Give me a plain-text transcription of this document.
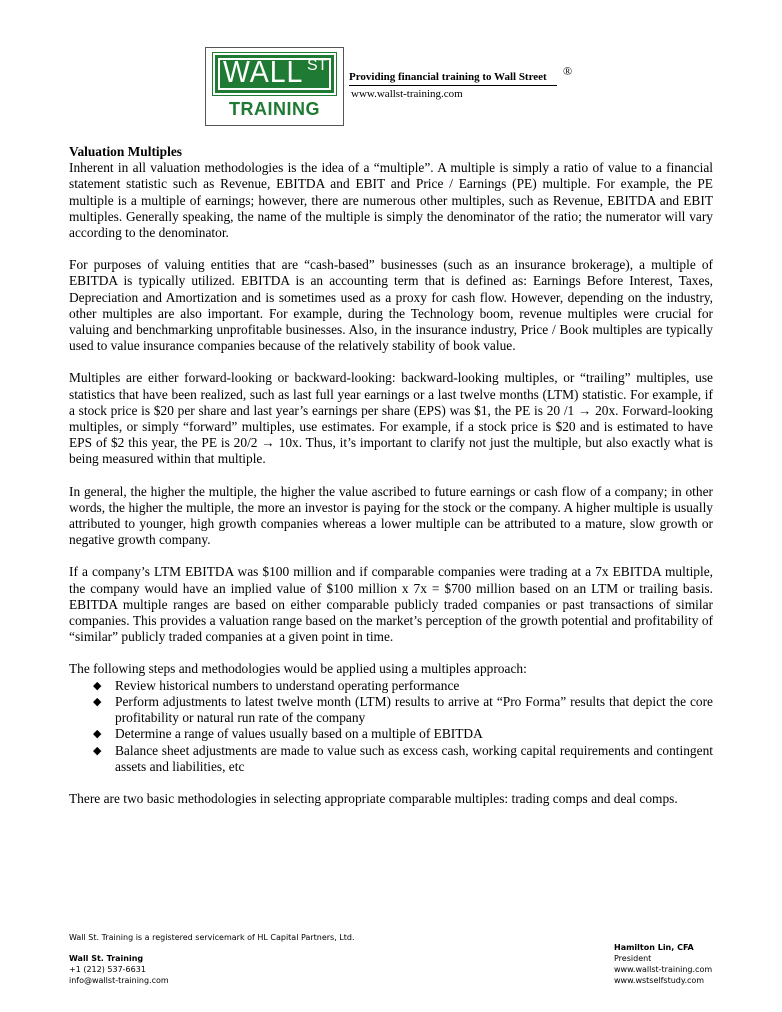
WALL ST
TRAINING
Providing financial training to Wall Street ®
www.wallst-training.com
Valuation Multiples

Inherent in all valuation methodologies is the idea of a “multiple”. A multiple is simply a ratio of value to a financial statement statistic such as Revenue, EBITDA and EBIT and Price / Earnings (PE) multiple. For example, the PE multiple is a multiple of earnings; however, there are numerous other multiples, such as Revenue, EBITDA and EBIT multiples. Generally speaking, the name of the multiple is simply the denominator of the ratio; the numerator will vary according to the denominator.

For purposes of valuing entities that are “cash-based” businesses (such as an insurance brokerage), a multiple of EBITDA is typically utilized. EBITDA is an accounting term that is defined as: Earnings Before Interest, Taxes, Depreciation and Amortization and is sometimes used as a proxy for cash flow. However, depending on the industry, other multiples are also important. For example, during the Technology boom, revenue multiples were crucial for valuing and benchmarking unprofitable businesses. Also, in the insurance industry, Price / Book multiples are typically used to value insurance companies because of the relatively stability of book value.

Multiples are either forward-looking or backward-looking: backward-looking multiples, or “trailing” multiples, use statistics that have been realized, such as last full year earnings or a last twelve months (LTM) statistic. For example, if a stock price is $20 per share and last year’s earnings per share (EPS) was $1, the PE is 20 /1 → 20x. Forward-looking multiples, or simply “forward” multiples, use estimates. For example, if a stock price is $20 and is estimated to have EPS of $2 this year, the PE is 20/2 → 10x. Thus, it’s important to clarify not just the multiple, but also exactly what is being measured within that multiple.

In general, the higher the multiple, the higher the value ascribed to future earnings or cash flow of a company; in other words, the higher the multiple, the more an investor is paying for the stock or the company. A higher multiple is usually attributed to younger, high growth companies whereas a lower multiple can be attributed to a mature, slow growth or negative growth company.

If a company’s LTM EBITDA was $100 million and if comparable companies were trading at a 7x EBITDA multiple, the company would have an implied value of $100 million x 7x = $700 million based on an LTM or trailing basis. EBITDA multiple ranges are based on either comparable publicly traded companies or past transactions of similar companies. This provides a valuation range based on the market’s perception of the growth potential and profitability of “similar” publicly traded companies at a given point in time.

The following steps and methodologies would be applied using a multiples approach:

◆ Review historical numbers to understand operating performance
◆ Perform adjustments to latest twelve month (LTM) results to arrive at “Pro Forma” results that depict the core profitability or natural run rate of the company
◆ Determine a range of values usually based on a multiple of EBITDA
◆ Balance sheet adjustments are made to value such as excess cash, working capital requirements and contingent assets and liabilities, etc

There are two basic methodologies in selecting appropriate comparable multiples: trading comps and deal comps.

Wall St. Training is a registered servicemark of HL Capital Partners, Ltd.
Wall St. Training
+1 (212) 537-6631
info@wallst-training.com
Hamilton Lin, CFA
President
www.wallst-training.com
www.wstselfstudy.com
